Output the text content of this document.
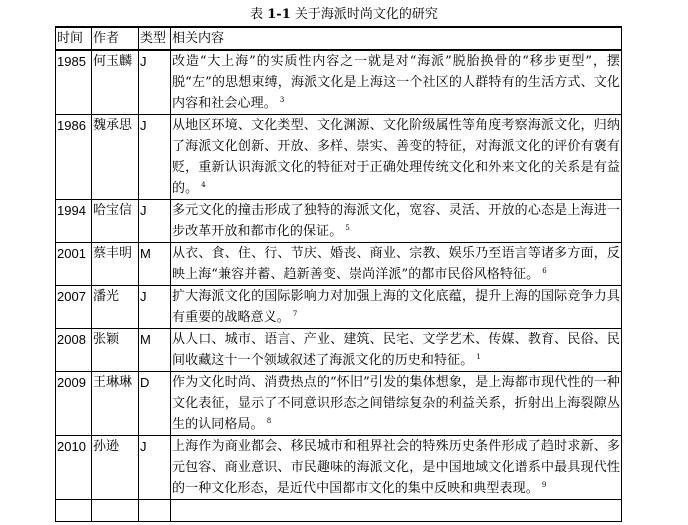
表 1-1 关于海派时尚文化的研究
时间	作者	类型	相关内容
1985	何玉麟	J	改造“大上海”的实质性内容之一就是对“海派”脱胎换骨的“移步更型”，摆脱“左”的思想束缚，海派文化是上海这一个社区的人群特有的生活方式、文化内容和社会心理。 $^3$
1986	魏承思	J	从地区环境、文化类型、文化渊源、文化阶级属性等角度考察海派文化，归纳了海派文化创新、开放、多样、崇实、善变的特征，对海派文化的评价有褒有贬，重新认识海派文化的特征对于正确处理传统文化和外来文化的关系是有益的。 $^4$
1994	哈宝信	J	多元文化的撞击形成了独特的海派文化，宽容、灵活、开放的心态是上海进一步改革开放和都市化的保证。 $^5$
2001	蔡丰明	M	从衣、食、住、行、节庆、婚丧、商业、宗教、娱乐乃至语言等诸多方面，反映上海“兼容并蓄、趋新善变、崇尚洋派”的都市民俗风格特征。 $^6$
2007	潘光	J	扩大海派文化的国际影响力对加强上海的文化底蕴，提升上海的国际竞争力具有重要的战略意义。 $^7$
2008	张颖	M	从人口、城市、语言、产业、建筑、民宅、文学艺术、传媒、教育、民俗、民间收藏这十一个领域叙述了海派文化的历史和特征。 $^1$
2009	王琳琳	D	作为文化时尚、消费热点的“怀旧”引发的集体想象，是上海都市现代性的一种文化表征，显示了不同意识形态之间错综复杂的利益关系，折射出上海裂隙丛生的认同格局。 $^8$
2010	孙逊	J	上海作为商业都会、移民城市和租界社会的特殊历史条件形成了趋时求新、多元包容、商业意识、市民趣味的海派文化，是中国地域文化谱系中最具现代性的一种文化形态，是近代中国都市文化的集中反映和典型表现。 $^9$
